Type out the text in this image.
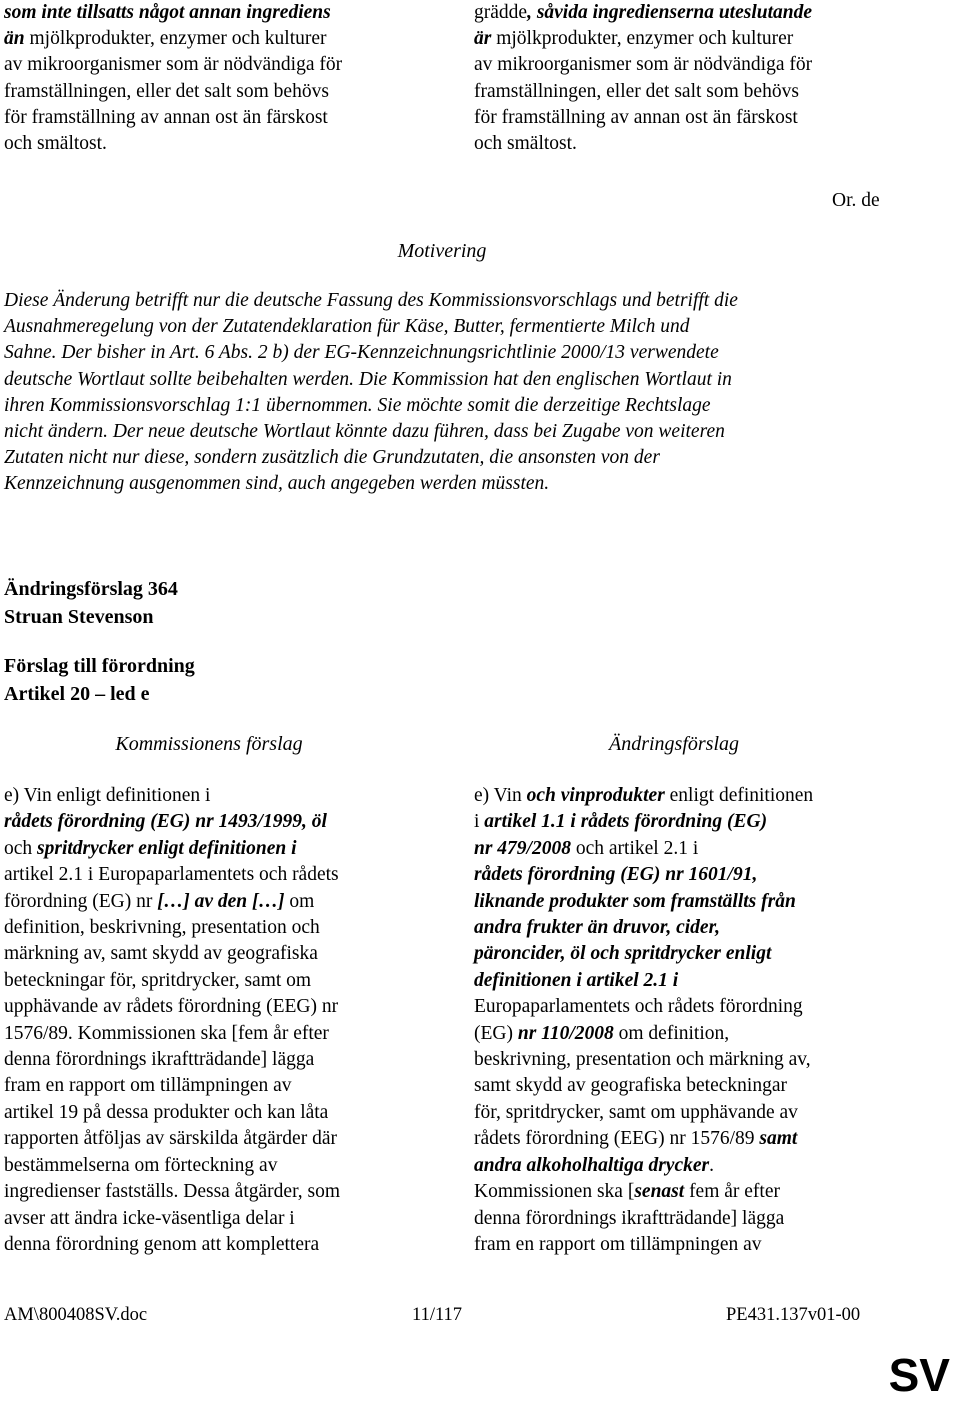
som inte tillsatts något annan ingrediens
än mjölkprodukter, enzymer och kulturer
av mikroorganismer som är nödvändiga för
framställningen, eller det salt som behövs
för framställning av annan ost än färskost
och smältost.
grädde, såvida ingredienserna uteslutande
är mjölkprodukter, enzymer och kulturer
av mikroorganismer som är nödvändiga för
framställningen, eller det salt som behövs
för framställning av annan ost än färskost
och smältost.
Or. de
Motivering
Diese Änderung betrifft nur die deutsche Fassung des Kommissionsvorschlags und betrifft die
Ausnahmeregelung von der Zutatendeklaration für Käse, Butter, fermentierte Milch und
Sahne. Der bisher in Art. 6 Abs. 2 b) der EG-Kennzeichnungsrichtlinie 2000/13 verwendete
deutsche Wortlaut sollte beibehalten werden. Die Kommission hat den englischen Wortlaut in
ihren Kommissionsvorschlag 1:1 übernommen. Sie möchte somit die derzeitige Rechtslage
nicht ändern. Der neue deutsche Wortlaut könnte dazu führen, dass bei Zugabe von weiteren
Zutaten nicht nur diese, sondern zusätzlich die Grundzutaten, die ansonsten von der
Kennzeichnung ausgenommen sind, auch angegeben werden müssten.
Ändringsförslag 364
Struan Stevenson
Förslag till förordning
Artikel 20 – led e
Kommissionens förslag	Ändringsförslag
e) Vin enligt definitionen i
rådets förordning (EG) nr 1493/1999, öl
och spritdrycker enligt definitionen i
artikel 2.1 i Europaparlamentets och rådets
förordning (EG) nr […] av den […] om
definition, beskrivning, presentation och
märkning av, samt skydd av geografiska
beteckningar för, spritdrycker, samt om
upphävande av rådets förordning (EEG) nr
1576/89. Kommissionen ska [fem år efter
denna förordnings ikraftträdande] lägga
fram en rapport om tillämpningen av
artikel 19 på dessa produkter och kan låta
rapporten åtföljas av särskilda åtgärder där
bestämmelserna om förteckning av
ingredienser fastställs. Dessa åtgärder, som
avser att ändra icke-väsentliga delar i
denna förordning genom att komplettera
e) Vin och vinprodukter enligt definitionen
i artikel 1.1 i rådets förordning (EG)
nr 479/2008 och artikel 2.1 i
rådets förordning (EG) nr 1601/91,
liknande produkter som framställts från
andra frukter än druvor, cider,
päroncider, öl och spritdrycker enligt
definitionen i artikel 2.1 i
Europaparlamentets och rådets förordning
(EG) nr 110/2008 om definition,
beskrivning, presentation och märkning av,
samt skydd av geografiska beteckningar
för, spritdrycker, samt om upphävande av
rådets förordning (EEG) nr 1576/89 samt
andra alkoholhaltiga drycker.
Kommissionen ska [senast fem år efter
denna förordnings ikraftträdande] lägga
fram en rapport om tillämpningen av
AM\800408SV.doc	11/117	PE431.137v01-00
SV
